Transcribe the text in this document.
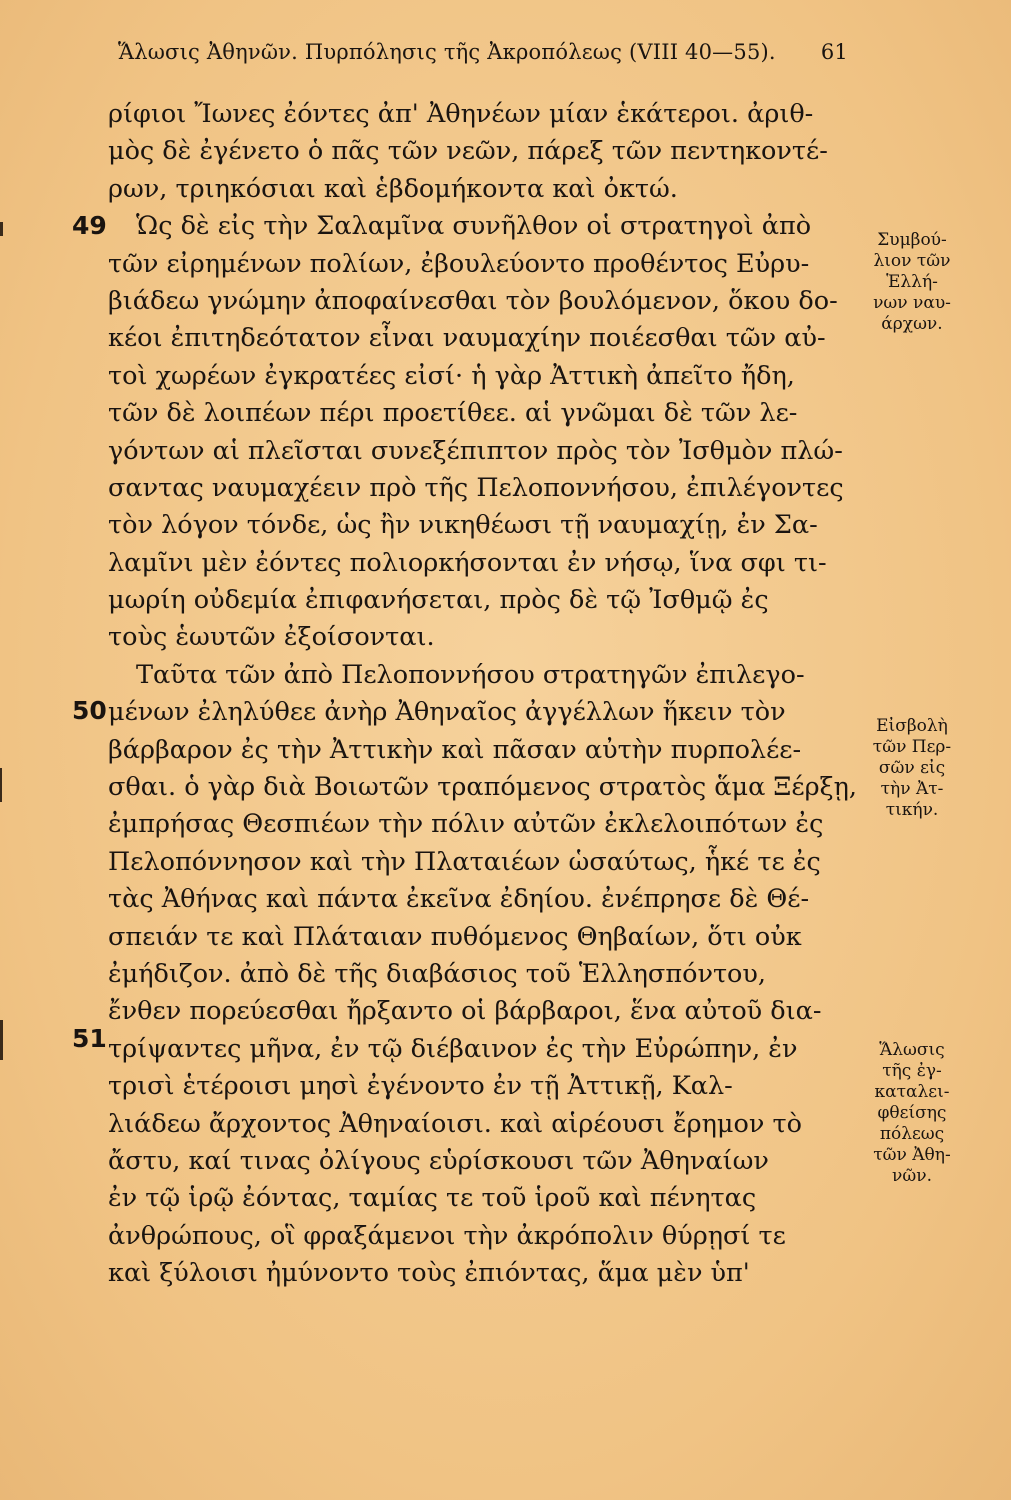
Ἅλωσις Ἀθηνῶν. Πυρπόλησις τῆς Ἀκροπόλεως (VIII 40—55). 61
49
50
51
ρίφιοι Ἴωνες ἐόντες ἀπ' Ἀθηνέων μίαν ἑκάτεροι. ἀριθ-
μὸς δὲ ἐγένετο ὁ πᾶς τῶν νεῶν, πάρεξ τῶν πεντηκοντέ-
ρων, τριηκόσιαι καὶ ἑβδομήκοντα καὶ ὀκτώ.
Ὡς δὲ εἰς τὴν Σαλαμῖνα συνῆλθον οἱ στρατηγοὶ ἀπὸ
τῶν εἰρημένων πολίων, ἐβουλεύοντο προθέντος Εὐρυ-
βιάδεω γνώμην ἀποφαίνεσθαι τὸν βουλόμενον, ὅκου δο-
κέοι ἐπιτηδεότατον εἶναι ναυμαχίην ποιέεσθαι τῶν αὐ-
τοὶ χωρέων ἐγκρατέες εἰσί· ἡ γὰρ Ἀττικὴ ἀπεῖτο ἤδη,
τῶν δὲ λοιπέων πέρι προετίθεε. αἱ γνῶμαι δὲ τῶν λε-
γόντων αἱ πλεῖσται συνεξέπιπτον πρὸς τὸν Ἰσθμὸν πλώ-
σαντας ναυμαχέειν πρὸ τῆς Πελοποννήσου, ἐπιλέγοντες
τὸν λόγον τόνδε, ὡς ἢν νικηθέωσι τῇ ναυμαχίῃ, ἐν Σα-
λαμῖνι μὲν ἐόντες πολιορκήσονται ἐν νήσῳ, ἵνα σφι τι-
μωρίη οὐδεμία ἐπιφανήσεται, πρὸς δὲ τῷ Ἰσθμῷ ἐς
τοὺς ἑωυτῶν ἐξοίσονται.
Ταῦτα τῶν ἀπὸ Πελοποννήσου στρατηγῶν ἐπιλεγο-
μένων ἐληλύθεε ἀνὴρ Ἀθηναῖος ἀγγέλλων ἥκειν τὸν
βάρβαρον ἐς τὴν Ἀττικὴν καὶ πᾶσαν αὐτὴν πυρπολέε-
σθαι. ὁ γὰρ διὰ Βοιωτῶν τραπόμενος στρατὸς ἅμα Ξέρξῃ,
ἐμπρήσας Θεσπιέων τὴν πόλιν αὐτῶν ἐκλελοιπότων ἐς
Πελοπόννησον καὶ τὴν Πλαταιέων ὡσαύτως, ἧκέ τε ἐς
τὰς Ἀθήνας καὶ πάντα ἐκεῖνα ἐδηίου. ἐνέπρησε δὲ Θέ-
σπειάν τε καὶ Πλάταιαν πυθόμενος Θηβαίων, ὅτι οὐκ
ἐμήδιζον. ἀπὸ δὲ τῆς διαβάσιος τοῦ Ἑλλησπόντου,
ἔνθεν πορεύεσθαι ἤρξαντο οἱ βάρβαροι, ἕνα αὐτοῦ δια-
τρίψαντες μῆνα, ἐν τῷ διέβαινον ἐς τὴν Εὐρώπην, ἐν
τρισὶ ἑτέροισι μησὶ ἐγένοντο ἐν τῇ Ἀττικῇ, Καλ-
λιάδεω ἄρχοντος Ἀθηναίοισι. καὶ αἱρέουσι ἔρημον τὸ
ἄστυ, καί τινας ὀλίγους εὑρίσκουσι τῶν Ἀθηναίων
ἐν τῷ ἱρῷ ἐόντας, ταμίας τε τοῦ ἱροῦ καὶ πένητας
ἀνθρώπους, οἳ φραξάμενοι τὴν ἀκρόπολιν θύρῃσί τε
καὶ ξύλοισι ἠμύνοντο τοὺς ἐπιόντας, ἅμα μὲν ὑπ'
Συμβού-
λιον τῶν
Ἑλλή-
νων ναυ-
άρχων.
Εἰσβολὴ
τῶν Περ-
σῶν εἰς
τὴν Ἀτ-
τικήν.
Ἅλωσις
τῆς ἐγ-
καταλει-
φθείσης
πόλεως
τῶν Ἀθη-
νῶν.
